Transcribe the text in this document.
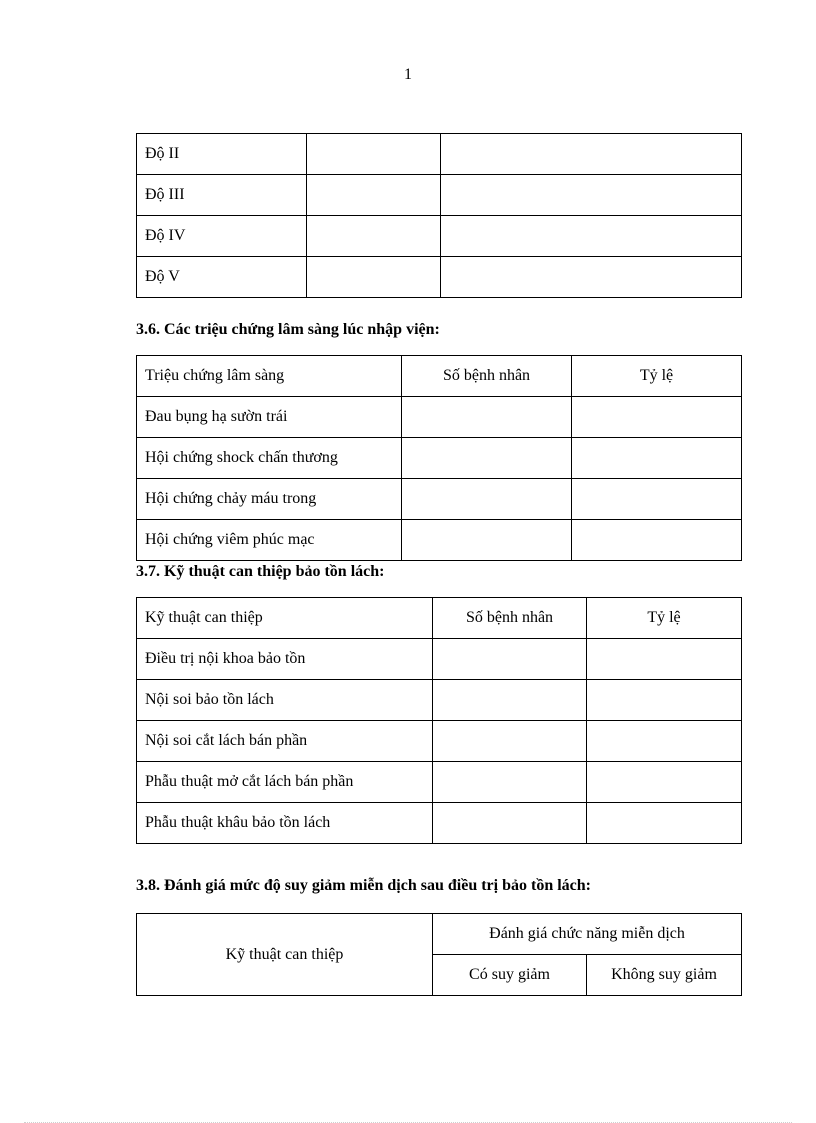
1
Độ II		
Độ III		
Độ IV		
Độ V		
3.6. Các triệu chứng lâm sàng lúc nhập viện:
Triệu chứng lâm sàng	Số bệnh nhân	Tỷ lệ
Đau bụng hạ sườn trái		
Hội chứng shock chấn thương		
Hội chứng chảy máu trong		
Hội chứng viêm phúc mạc		
3.7. Kỹ thuật can thiệp bảo tồn lách:
Kỹ thuật can thiệp	Số bệnh nhân	Tỷ lệ
Điều trị nội khoa bảo tồn		
Nội soi bảo tồn lách		
Nội soi cắt lách bán phần		
Phẫu thuật mở cắt lách bán phần		
Phẫu thuật khâu bảo tồn lách		
3.8. Đánh giá mức độ suy giảm miễn dịch sau điều trị bảo tồn lách:
Kỹ thuật can thiệp	Đánh giá chức năng miễn dịch	
	Có suy giảm	Không suy giảm
